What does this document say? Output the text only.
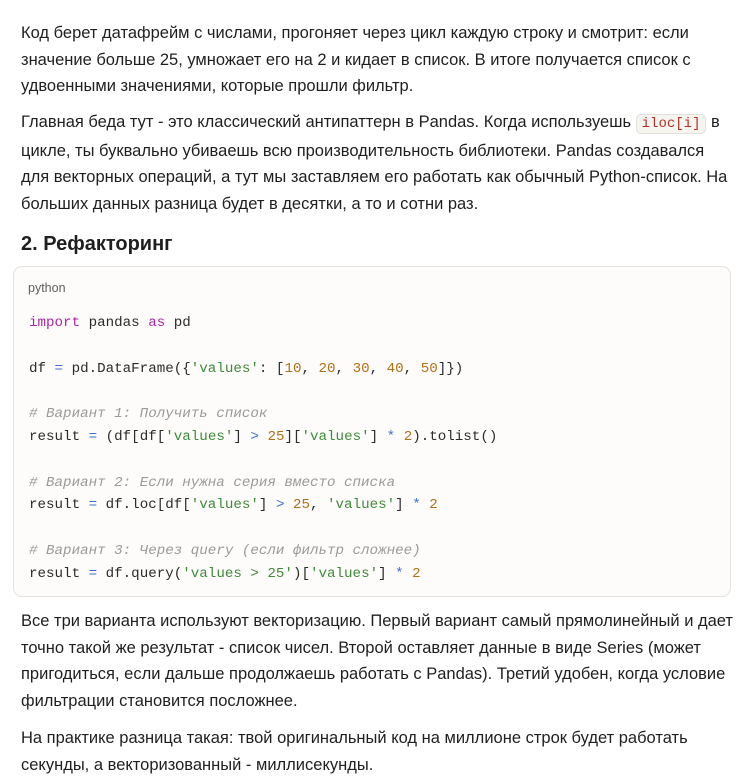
Код берет датафрейм с числами, прогоняет через цикл каждую строку и смотрит: если значение больше 25, умножает его на 2 и кидает в список. В итоге получается список с удвоенными значениями, которые прошли фильтр.

Главная беда тут - это классический антипаттерн в Pandas. Когда используешь iloc[i] в цикле, ты буквально убиваешь всю производительность библиотеки. Pandas создавался для векторных операций, а тут мы заставляем его работать как обычный Python-список. На больших данных разница будет в десятки, а то и сотни раз.

2. Рефакторинг
python
import pandas as pd

df = pd.DataFrame({'values': [10, 20, 30, 40, 50]})

# Вариант 1: Получить список
result = (df[df['values'] > 25]['values'] * 2).tolist()

# Вариант 2: Если нужна серия вместо списка
result = df.loc[df['values'] > 25, 'values'] * 2

# Вариант 3: Через query (если фильтр сложнее)
result = df.query('values > 25')['values'] * 2

Все три варианта используют векторизацию. Первый вариант самый прямолинейный и дает точно такой же результат - список чисел. Второй оставляет данные в виде Series (может пригодиться, если дальше продолжаешь работать с Pandas). Третий удобен, когда условие фильтрации становится посложнее.

На практике разница такая: твой оригинальный код на миллионе строк будет работать секунды, а векторизованный - миллисекунды.
